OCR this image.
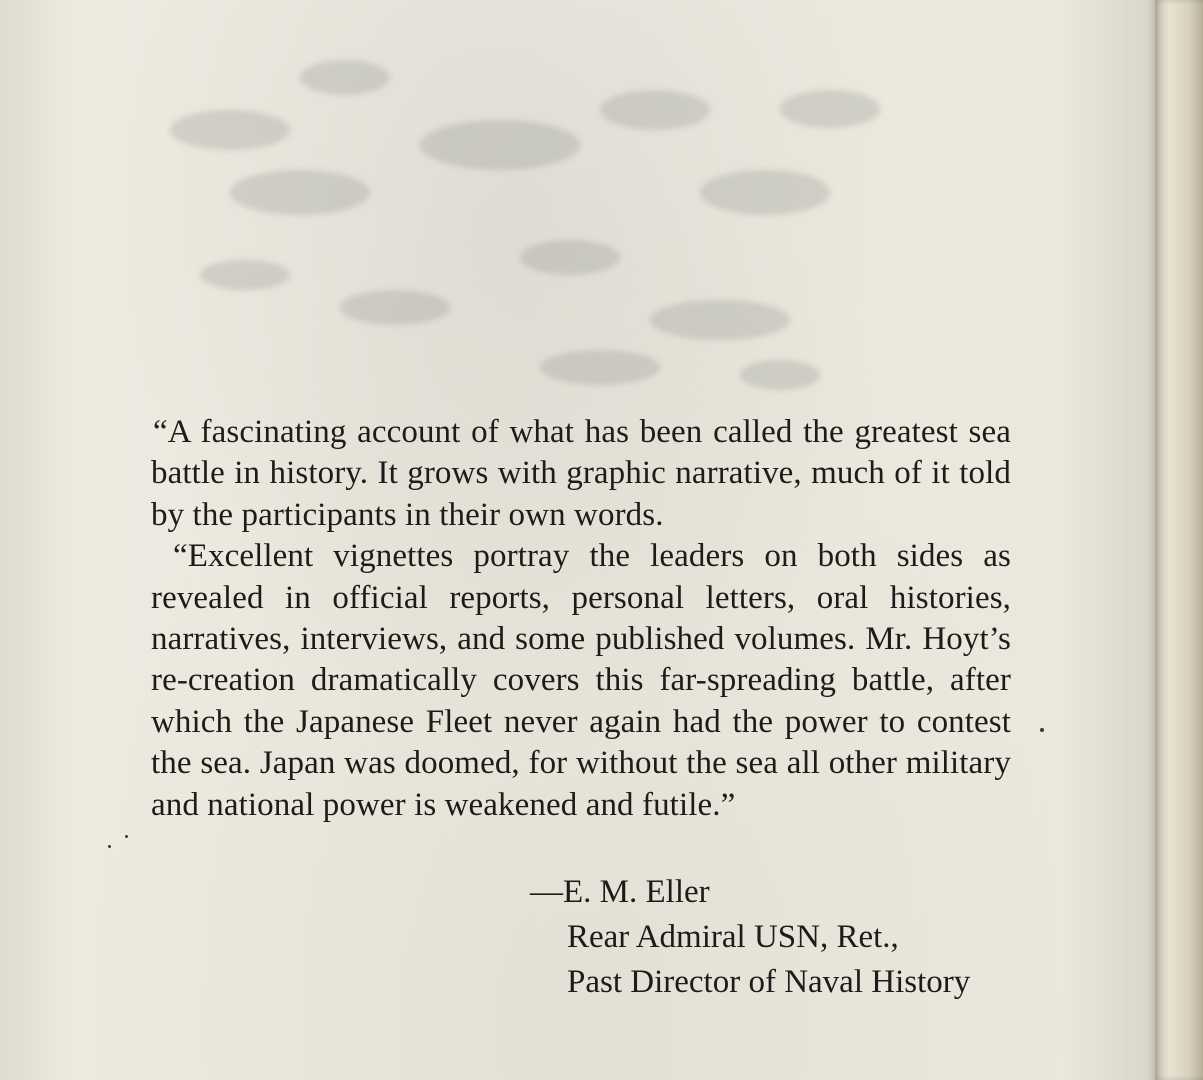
“A fascinating account of what has been called the greatest sea battle in history. It grows with graphic narrative, much of it told by the participants in their own words.

“Excellent vignettes portray the leaders on both sides as revealed in official reports, personal letters, oral histories, narratives, interviews, and some published volumes. Mr. Hoyt’s re-creation dramatically covers this far-spreading battle, after which the Japanese Fleet never again had the power to contest the sea. Japan was doomed, for without the sea all other military and national power is weakened and futile.”

—E. M. Eller
Rear Admiral USN, Ret.,
Past Director of Naval History
